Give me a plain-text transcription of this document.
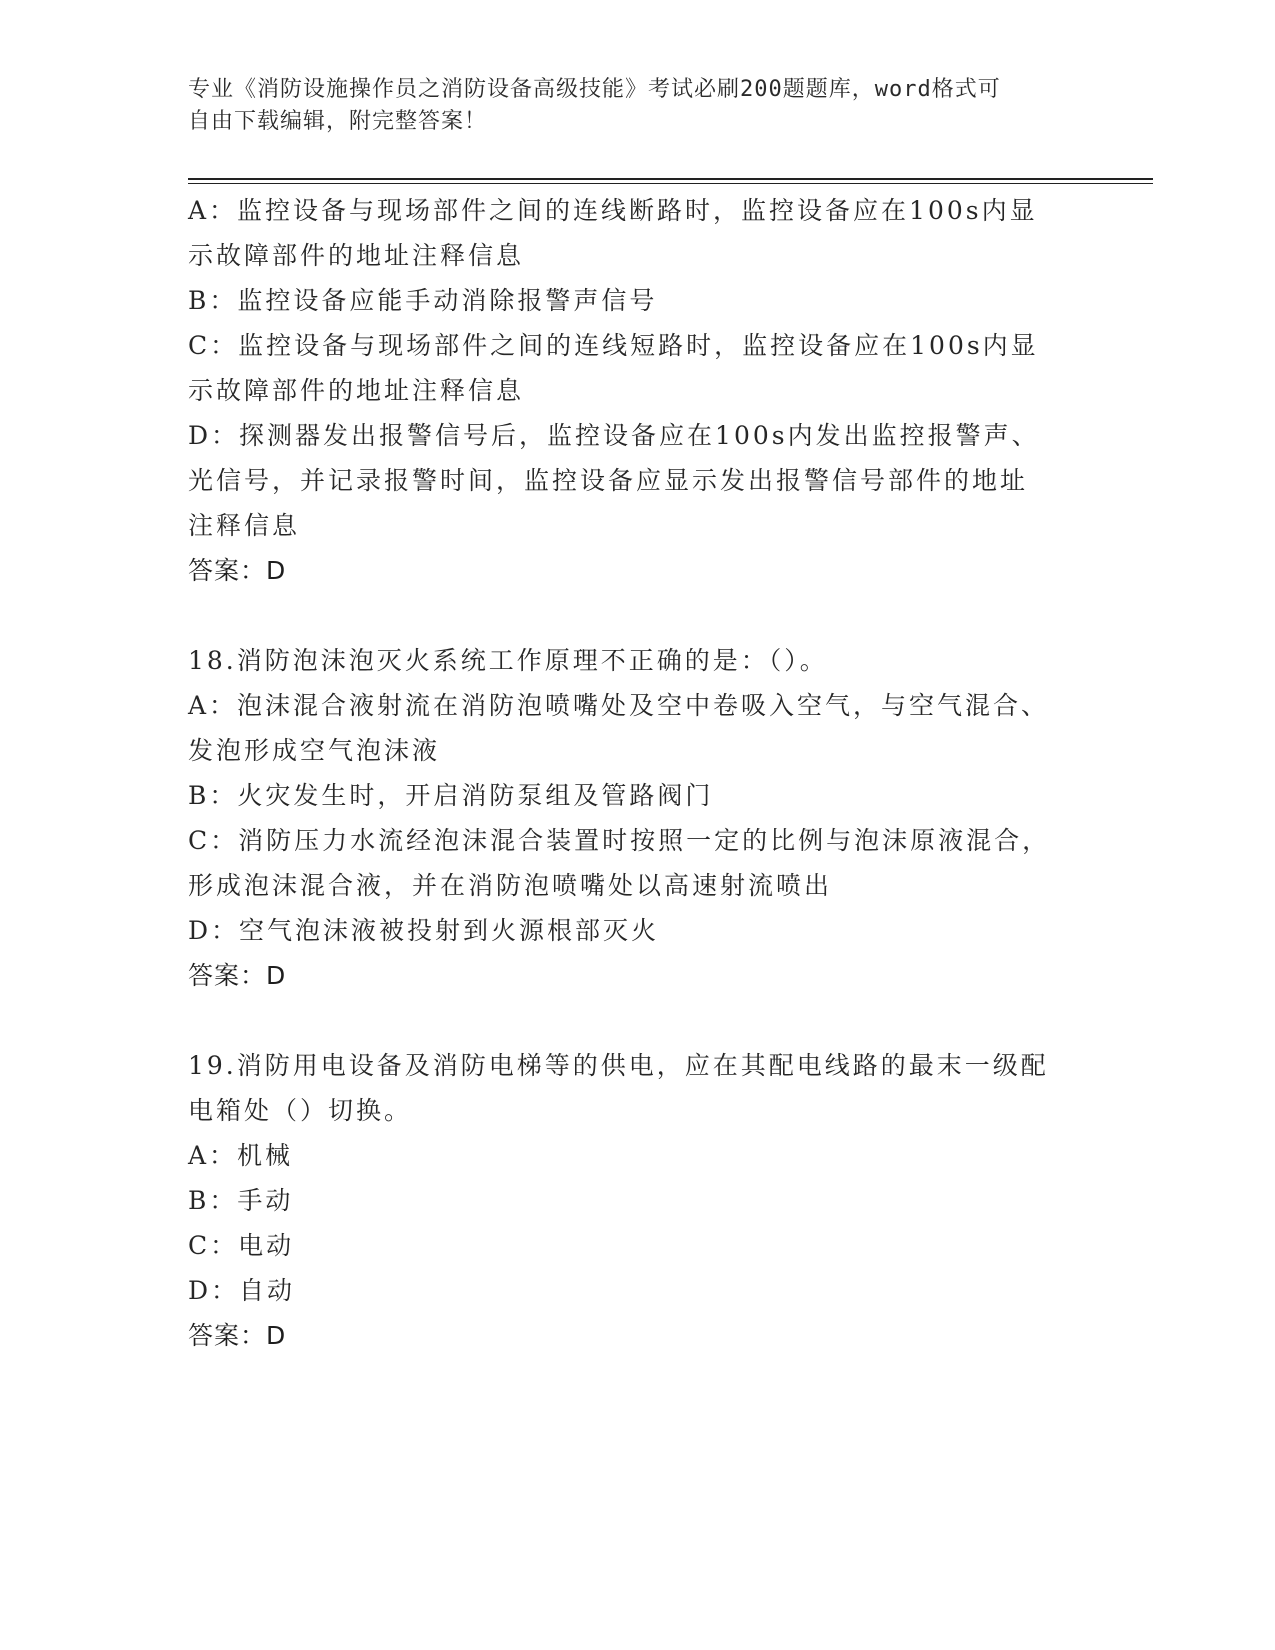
专业《消防设施操作员之消防设备高级技能》考试必刷200题题库，word格式可
自由下载编辑，附完整答案！
A：监控设备与现场部件之间的连线断路时，监控设备应在100s内显
示故障部件的地址注释信息
B：监控设备应能手动消除报警声信号
C：监控设备与现场部件之间的连线短路时，监控设备应在100s内显
示故障部件的地址注释信息
D：探测器发出报警信号后，监控设备应在100s内发出监控报警声、
光信号，并记录报警时间，监控设备应显示发出报警信号部件的地址
注释信息
答案：D
18.消防泡沫泡灭火系统工作原理不正确的是：（）。
A：泡沫混合液射流在消防泡喷嘴处及空中卷吸入空气，与空气混合、
发泡形成空气泡沫液
B：火灾发生时，开启消防泵组及管路阀门
C：消防压力水流经泡沫混合装置时按照一定的比例与泡沫原液混合，
形成泡沫混合液，并在消防泡喷嘴处以高速射流喷出
D：空气泡沫液被投射到火源根部灭火
答案：D
19.消防用电设备及消防电梯等的供电，应在其配电线路的最末一级配
电箱处（）切换。
A：机械
B：手动
C：电动
D：自动
答案：D
